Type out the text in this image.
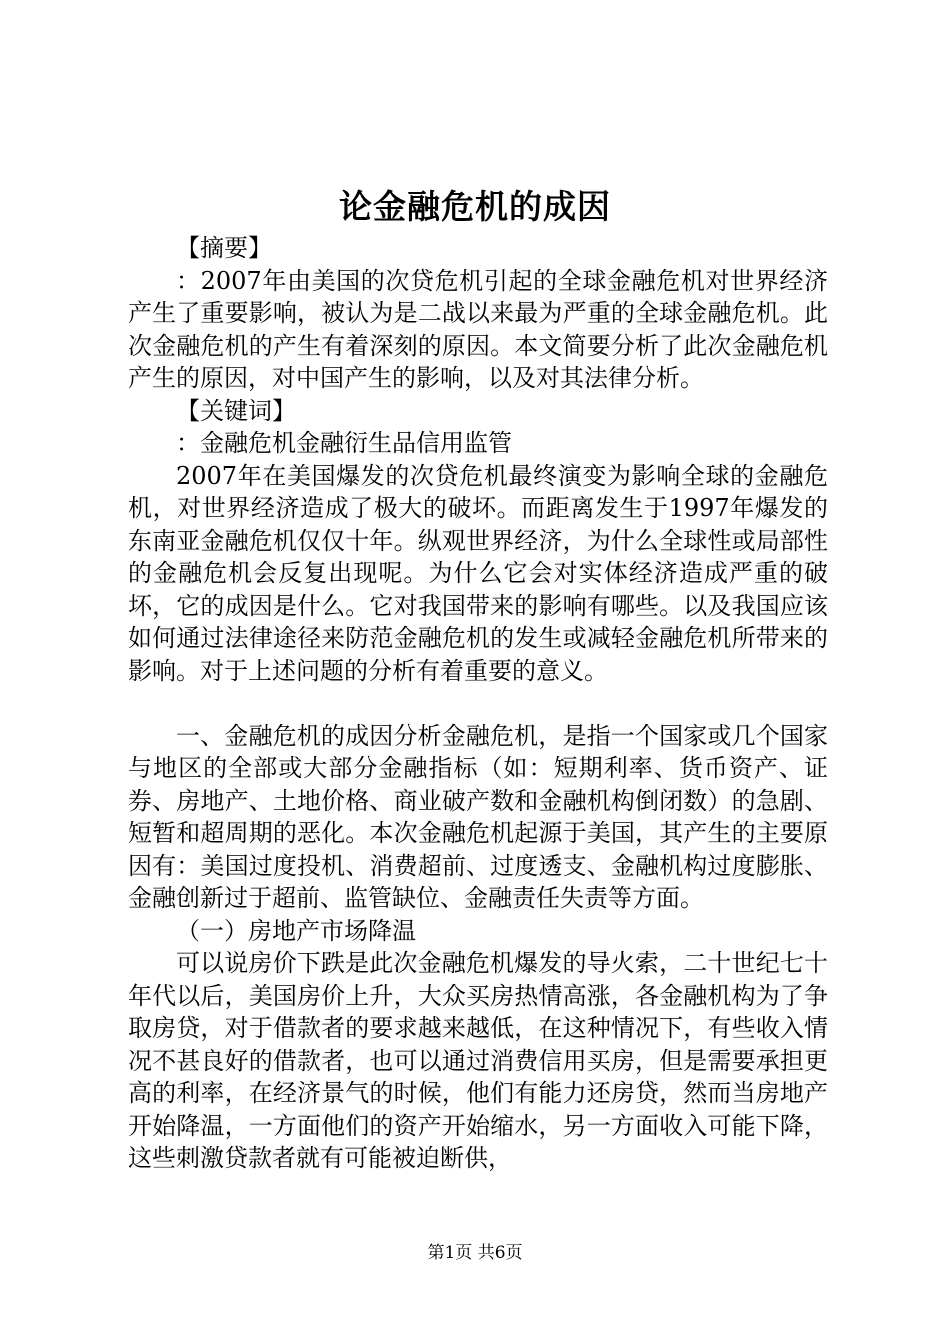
论金融危机的成因

【摘要】

：2007年由美国的次贷危机引起的全球金融危机对世界经济产生了重要影响，被认为是二战以来最为严重的全球金融危机。此次金融危机的产生有着深刻的原因。本文简要分析了此次金融危机产生的原因，对中国产生的影响，以及对其法律分析。

【关键词】

：金融危机金融衍生品信用监管

2007年在美国爆发的次贷危机最终演变为影响全球的金融危机，对世界经济造成了极大的破坏。而距离发生于1997年爆发的东南亚金融危机仅仅十年。纵观世界经济，为什么全球性或局部性的金融危机会反复出现呢。为什么它会对实体经济造成严重的破坏，它的成因是什么。它对我国带来的影响有哪些。以及我国应该如何通过法律途径来防范金融危机的发生或减轻金融危机所带来的影响。对于上述问题的分析有着重要的意义。

一、金融危机的成因分析金融危机，是指一个国家或几个国家与地区的全部或大部分金融指标（如：短期利率、货币资产、证券、房地产、土地价格、商业破产数和金融机构倒闭数）的急剧、短暂和超周期的恶化。本次金融危机起源于美国，其产生的主要原因有：美国过度投机、消费超前、过度透支、金融机构过度膨胀、金融创新过于超前、监管缺位、金融责任失责等方面。

（一）房地产市场降温

可以说房价下跌是此次金融危机爆发的导火索，二十世纪七十年代以后，美国房价上升，大众买房热情高涨，各金融机构为了争取房贷，对于借款者的要求越来越低，在这种情况下，有些收入情况不甚良好的借款者，也可以通过消费信用买房，但是需要承担更高的利率，在经济景气的时候，他们有能力还房贷，然而当房地产开始降温，一方面他们的资产开始缩水，另一方面收入可能下降，这些刺激贷款者就有可能被迫断供，

第1页 共6页
